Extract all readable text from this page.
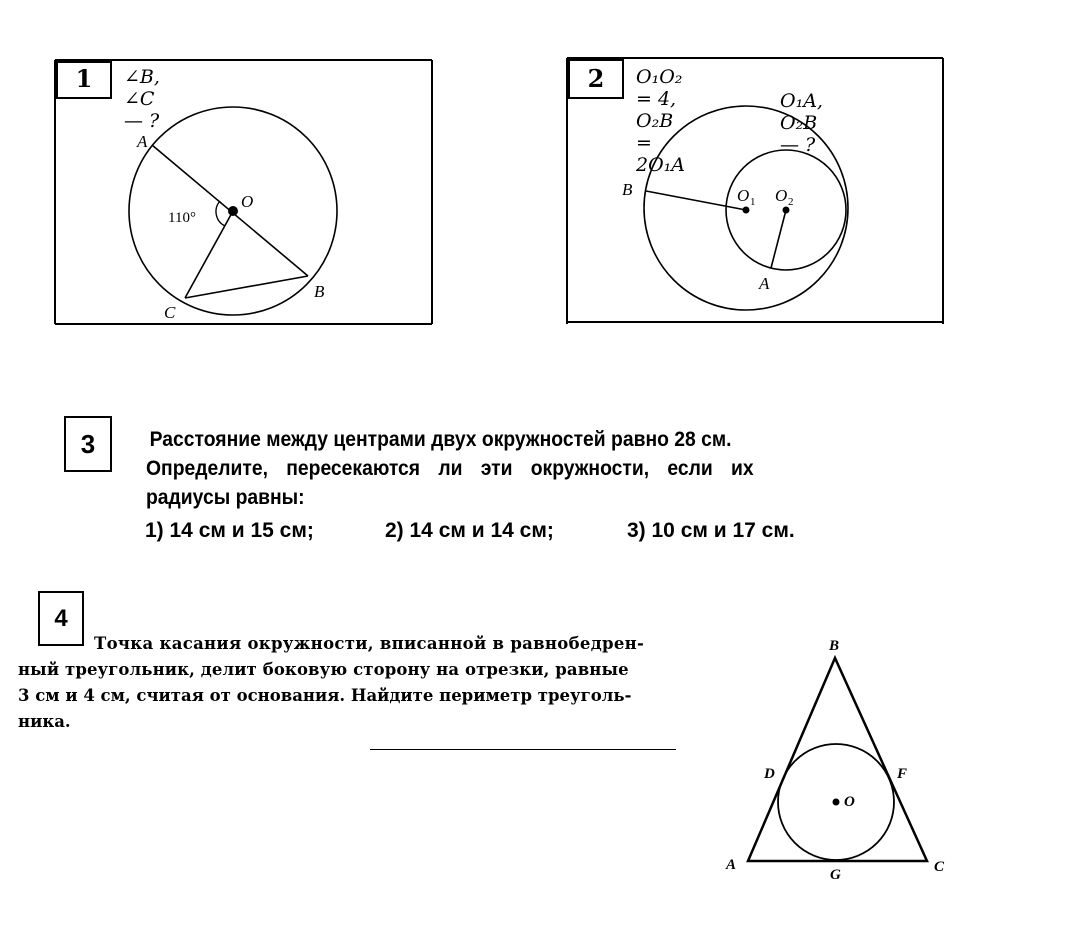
A
O
B
C
110°
1	∠B, ∠C — ?
B
A
O 1 O 2
2	O₁O₂ = 4, O₂B = 2O₁A
O₁A, O₂B — ?
3	Расстояние между центрами двух окружностей равно 28 см.
Определите, пересекаются ли эти окружности, если их
радиусы равны:
1) 14 см и 15 см;	2) 14 см и 14 см;	3) 10 см и 17 см.
4
Точка касания окружности, вписанной в равнобедрен-
ный треугольник, делит боковую сторону на отрезки, равные
3 см и 4 см, считая от основания. Найдите периметр треуголь-
ника.
B
D	F
O
A
G	C
